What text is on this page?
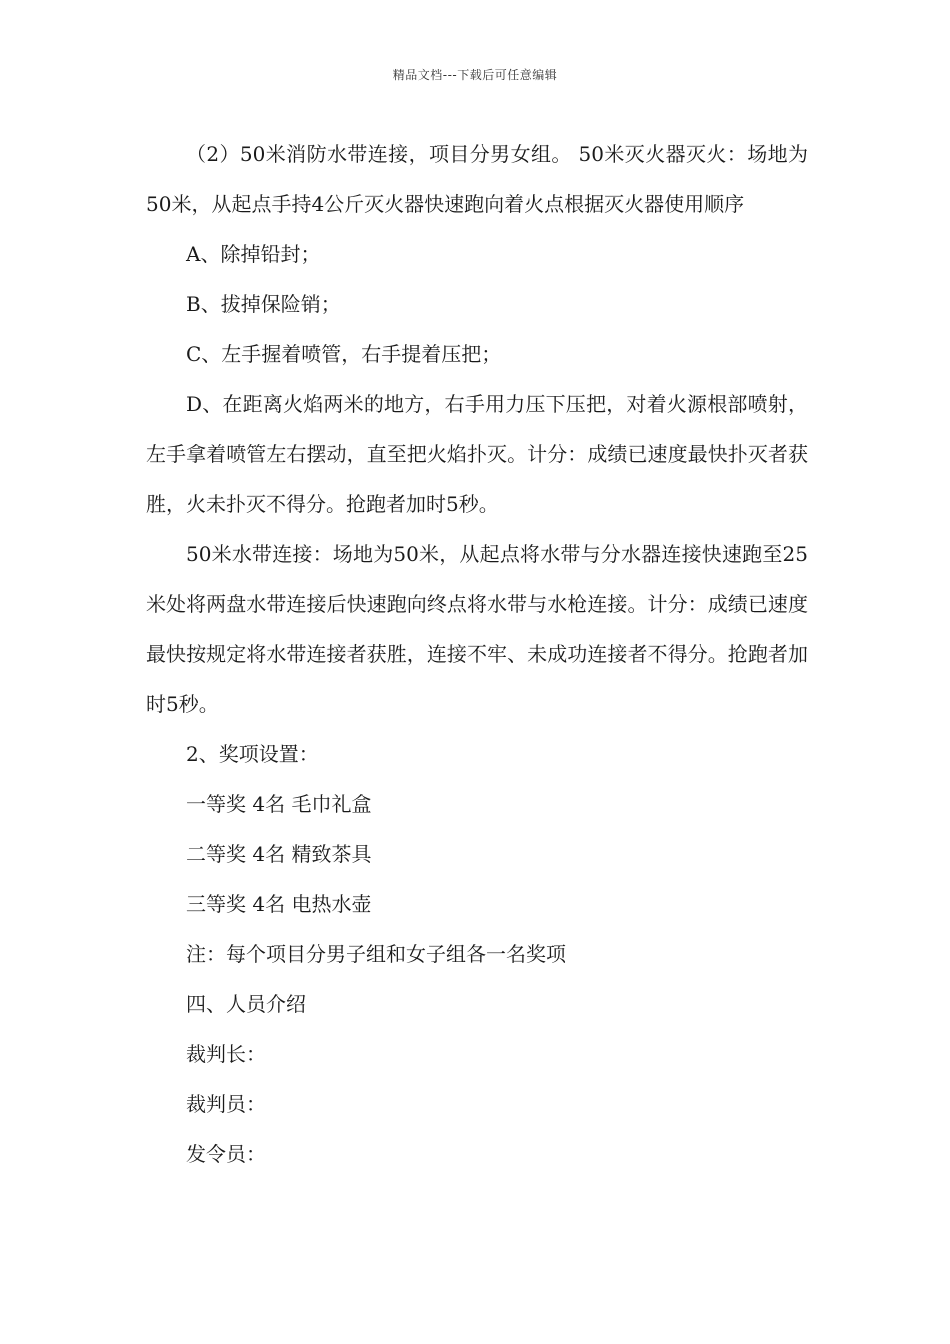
精品文档---下载后可任意编辑

（2）50米消防水带连接，项目分男女组。 50米灭火器灭火：场地为50米，从起点手持4公斤灭火器快速跑向着火点根据灭火器使用顺序

A、除掉铅封；

B、拔掉保险销；

C、左手握着喷管，右手提着压把；

D、在距离火焰两米的地方，右手用力压下压把，对着火源根部喷射，左手拿着喷管左右摆动，直至把火焰扑灭。计分：成绩已速度最快扑灭者获胜，火未扑灭不得分。抢跑者加时5秒。

50米水带连接：场地为50米，从起点将水带与分水器连接快速跑至25米处将两盘水带连接后快速跑向终点将水带与水枪连接。计分：成绩已速度最快按规定将水带连接者获胜，连接不牢、未成功连接者不得分。抢跑者加时5秒。

2、奖项设置：

一等奖 4名 毛巾礼盒

二等奖 4名 精致茶具

三等奖 4名 电热水壶

注：每个项目分男子组和女子组各一名奖项

四、人员介绍

裁判长：

裁判员：

发令员：
